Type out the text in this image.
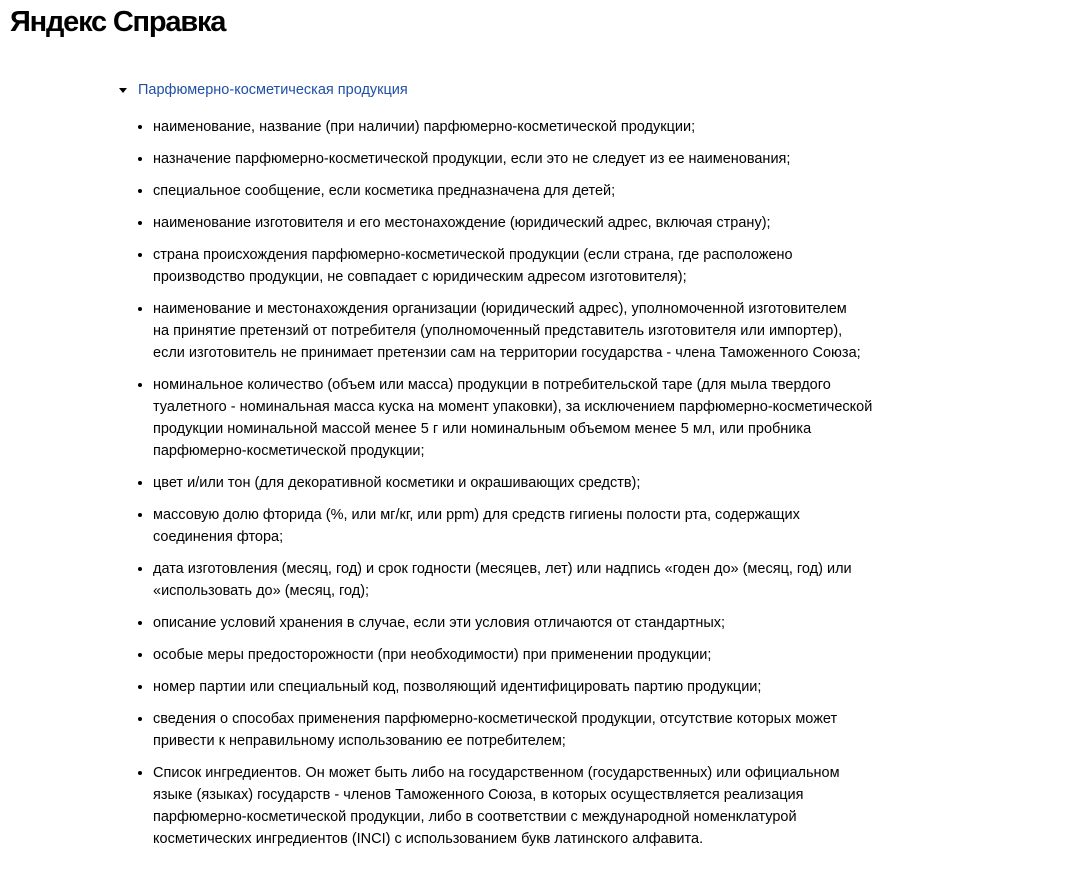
Яндекс Справка
Парфюмерно-косметическая продукция
наименование, название (при наличии) парфюмерно-косметической продукции;
назначение парфюмерно-косметической продукции, если это не следует из ее наименования;
специальное сообщение, если косметика предназначена для детей;
наименование изготовителя и его местонахождение (юридический адрес, включая страну);
страна происхождения парфюмерно-косметической продукции (если страна, где расположено
производство продукции, не совпадает с юридическим адресом изготовителя);
наименование и местонахождения организации (юридический адрес), уполномоченной изготовителем
на принятие претензий от потребителя (уполномоченный представитель изготовителя или импортер),
если изготовитель не принимает претензии сам на территории государства - члена Таможенного Союза;
номинальное количество (объем или масса) продукции в потребительской таре (для мыла твердого
туалетного - номинальная масса куска на момент упаковки), за исключением парфюмерно-косметической
продукции номинальной массой менее 5 г или номинальным объемом менее 5 мл, или пробника
парфюмерно-косметической продукции;
цвет и/или тон (для декоративной косметики и окрашивающих средств);
массовую долю фторида (%, или мг/кг, или ppm) для средств гигиены полости рта, содержащих
соединения фтора;
дата изготовления (месяц, год) и срок годности (месяцев, лет) или надпись «годен до» (месяц, год) или
«использовать до» (месяц, год);
описание условий хранения в случае, если эти условия отличаются от стандартных;
особые меры предосторожности (при необходимости) при применении продукции;
номер партии или специальный код, позволяющий идентифицировать партию продукции;
сведения о способах применения парфюмерно-косметической продукции, отсутствие которых может
привести к неправильному использованию ее потребителем;
Список ингредиентов. Он может быть либо на государственном (государственных) или официальном
языке (языках) государств - членов Таможенного Союза, в которых осуществляется реализация
парфюмерно-косметической продукции, либо в соответствии с международной номенклатурой
косметических ингредиентов (INCI) с использованием букв латинского алфавита.
